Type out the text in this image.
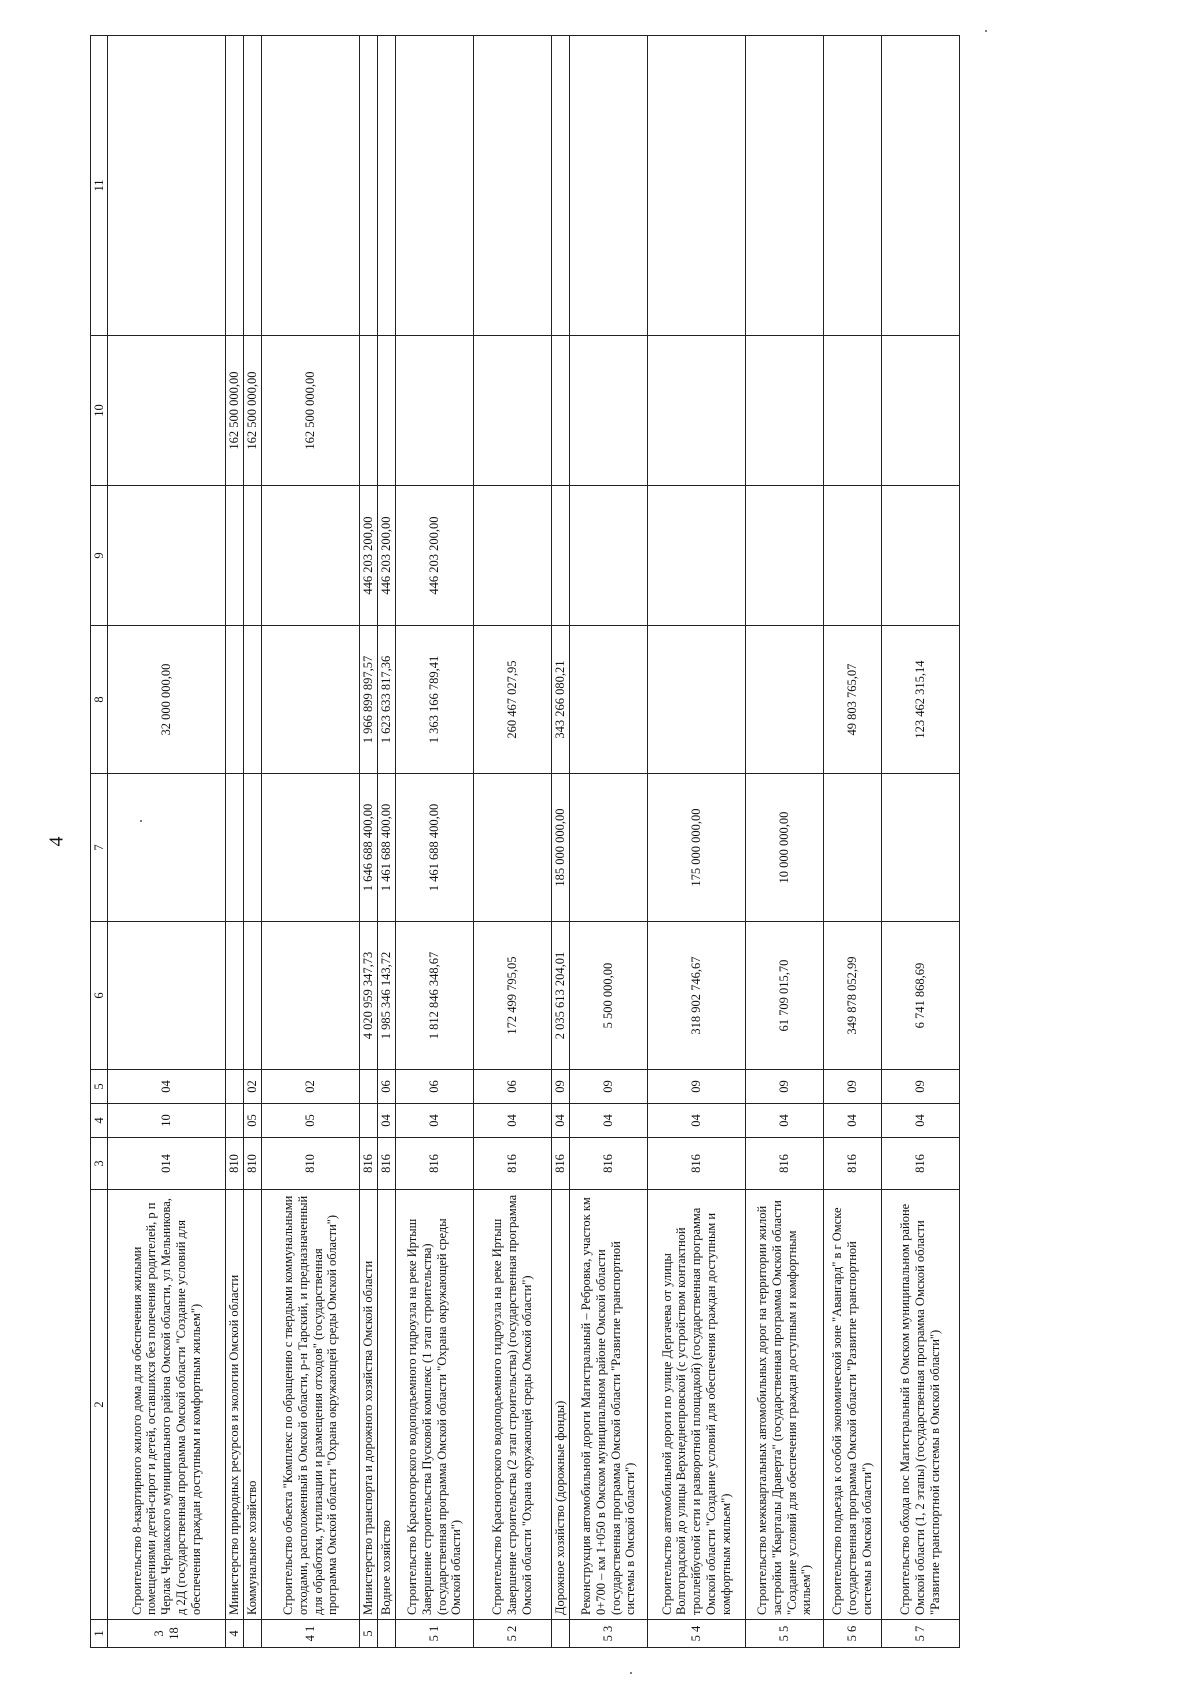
4
1	2	3	4	5	6	7	8	9	10	11
3 18	Строительство 8-квартирного жилого дома для обеспечения жилыми помещениями детей-сирот и детей, оставшихся без попечения родителей, р п Черлак Черлакского муниципального района Омской области, ул Мельникова, д 2Д (государственная программа Омской области "Создание условий для обеспечения граждан доступным и комфортным жильем")	014	10	04			32 000 000,00			
4	Министерство природных ресурсов и экологии Омской области	810							162 500 000,00	
	Коммунальное хозяйство	810	05	02					162 500 000,00	
4 1	Строительство объекта "Комплекс по обращению с твердыми коммунальными отходами, расположенный в Омской области, р-н Тарский, и предназначенный для обработки, утилизации и размещения отходов" (государственная программа Омской области "Охрана окружающей среды Омской области")	810	05	02					162 500 000,00	
5	Министерство транспорта и дорожного хозяйства Омской области	816			4 020 959 347,73	1 646 688 400,00	1 966 899 897,57	446 203 200,00		
	Водное хозяйство	816	04	06	1 985 346 143,72	1 461 688 400,00	1 623 633 817,36	446 203 200,00		
5 1	Строительство Красногорского водоподъемного гидроузла на реке Иртыш Завершение строительства Пусковой комплекс (1 этап строительства) (государственная программа Омской области "Охрана окружающей среды Омской области")	816	04	06	1 812 846 348,67	1 461 688 400,00	1 363 166 789,41	446 203 200,00		
5 2	Строительство Красногорского водоподъемного гидроузла на реке Иртыш Завершение строительства (2 этап строительства) (государственная программа Омской области "Охрана окружающей среды Омской области")	816	04	06	172 499 795,05		260 467 027,95			
	Дорожное хозяйство (дорожные фонды)	816	04	09	2 035 613 204,01	185 000 000,00	343 266 080,21			
5 3	Реконструкция автомобильной дороги Магистральный – Ребровка, участок км 0+700 – км 1+050 в Омском муниципальном районе Омской области (государственная программа Омской области "Развитие транспортной системы в Омской области")	816	04	09	5 500 000,00					
5 4	Строительство автомобильной дороги по улице Дергачева от улицы Волгоградской до улицы Верхнеднепровской (с устройством контактной троллейбусной сети и разворотной площадкой) (государственная программа Омской области "Создание условий для обеспечения граждан доступным и комфортным жильем")	816	04	09	318 902 746,67	175 000 000,00				
5 5	Строительство межквартальных автомобильных дорог на территории жилой застройки "Кварталы Драверта" (государственная программа Омской области "Создание условий для обеспечения граждан доступным и комфортным жильем")	816	04	09	61 709 015,70	10 000 000,00				
5 6	Строительство подъезда к особой экономической зоне "Авангард" в г Омске (государственная программа Омской области "Развитие транспортной системы в Омской области")	816	04	09	349 878 052,99		49 803 765,07			
5 7	Строительство обхода пос Магистральный в Омском муниципальном районе Омской области (1, 2 этапы) (государственная программа Омской области "Развитие транспортной системы в Омской области")	816	04	09	6 741 868,69		123 462 315,14			
